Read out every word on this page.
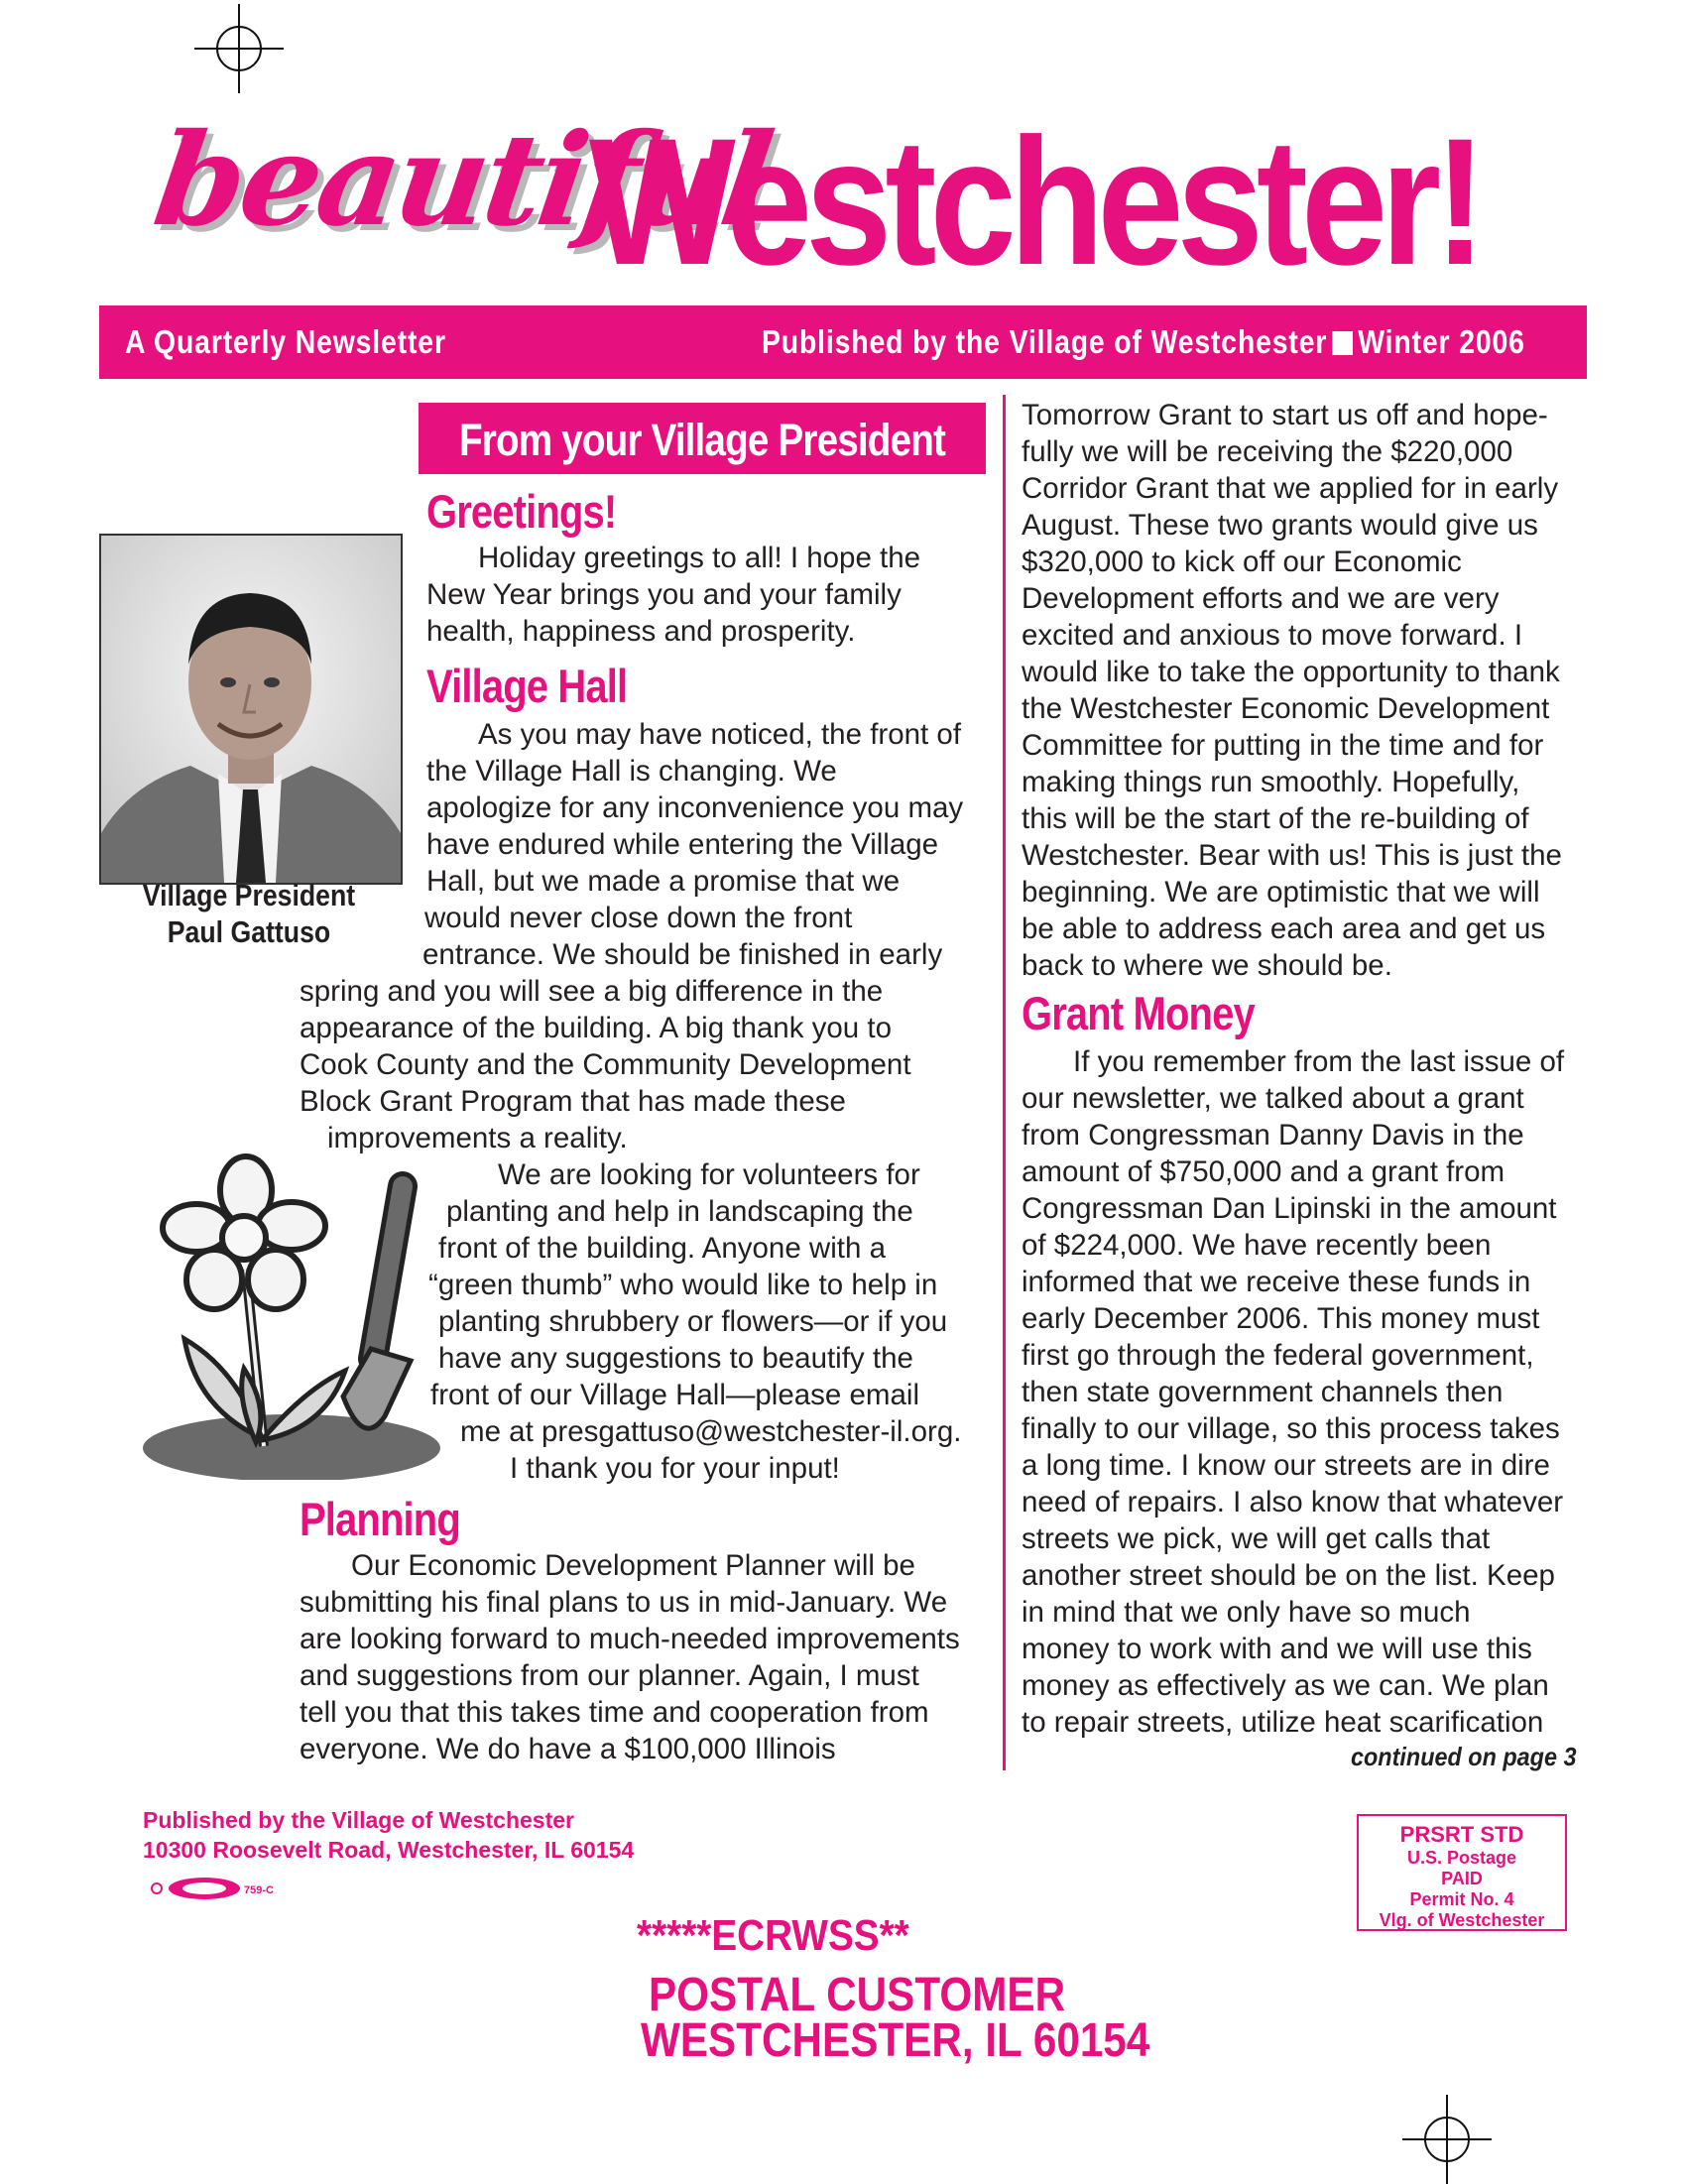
beautiful
Westchester!
A Quarterly Newsletter	Published by the Village of Westchester Winter 2006
From your Village President
Village President
Paul Gattuso
Greetings!
Holiday greetings to all! I hope the
New Year brings you and your family
health, happiness and prosperity.
Village Hall
As you may have noticed, the front of
the Village Hall is changing. We
apologize for any inconvenience you may
have endured while entering the Village
Hall, but we made a promise that we
would never close down the front
entrance. We should be finished in early
spring and you will see a big difference in the
appearance of the building. A big thank you to
Cook County and the Community Development
Block Grant Program that has made these
improvements a reality.
We are looking for volunteers for
planting and help in landscaping the
front of the building. Anyone with a
“green thumb” who would like to help in
planting shrubbery or flowers—or if you
have any suggestions to beautify the
front of our Village Hall—please email
me at presgattuso@westchester-il.org.
I thank you for your input!
Planning
Our Economic Development Planner will be
submitting his final plans to us in mid-January. We
are looking forward to much-needed improvements
and suggestions from our planner. Again, I must
tell you that this takes time and cooperation from
everyone. We do have a $100,000 Illinois
Tomorrow Grant to start us off and hope-
fully we will be receiving the $220,000
Corridor Grant that we applied for in early
August. These two grants would give us
$320,000 to kick off our Economic
Development efforts and we are very
excited and anxious to move forward. I
would like to take the opportunity to thank
the Westchester Economic Development
Committee for putting in the time and for
making things run smoothly. Hopefully,
this will be the start of the re-building of
Westchester. Bear with us! This is just the
beginning. We are optimistic that we will
be able to address each area and get us
back to where we should be.
Grant Money
If you remember from the last issue of
our newsletter, we talked about a grant
from Congressman Danny Davis in the
amount of $750,000 and a grant from
Congressman Dan Lipinski in the amount
of $224,000. We have recently been
informed that we receive these funds in
early December 2006. This money must
first go through the federal government,
then state government channels then
finally to our village, so this process takes
a long time. I know our streets are in dire
need of repairs. I also know that whatever
streets we pick, we will get calls that
another street should be on the list. Keep
in mind that we only have so much
money to work with and we will use this
money as effectively as we can. We plan
to repair streets, utilize heat scarification
continued on page 3
Published by the Village of Westchester
10300 Roosevelt Road, Westchester, IL 60154
759-C
PRSRT STD
U.S. Postage
PAID
Permit No. 4
Vlg. of Westchester
*****ECRWSS**
POSTAL CUSTOMER
WESTCHESTER, IL 60154
